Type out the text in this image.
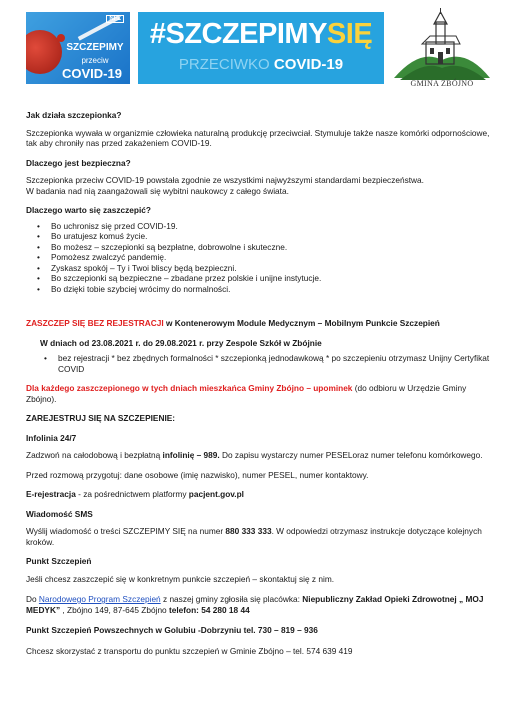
NFZ
SZCZEPIMY
przeciw
COVID-19
#SZCZEPIMYSIĘ
PRZECIWKO COVID-19
GMINA ZBÓJNO

Jak działa szczepionka?

Szczepionka wywała w organizmie człowieka naturalną produkcję przeciwciał. Stymuluje także nasze komórki odpornościowe, tak aby chroniły nas przed zakażeniem COVID-19.

Dlaczego jest bezpieczna?

Szczepionka przeciw COVID-19 powstała zgodnie ze wszystkimi najwyższymi standardami bezpieczeństwa.

W badania nad nią zaangażowali się wybitni naukowcy z całego świata.

Dlaczego warto się zaszczepić?

• Bo uchronisz się przed COVID-19.
• Bo uratujesz komuś życie.
• Bo możesz – szczepionki są bezpłatne, dobrowolne i skuteczne.
• Pomożesz zwalczyć pandemię.
• Zyskasz spokój – Ty i Twoi bliscy będą bezpieczni.
• Bo szczepionki są bezpieczne – zbadane przez polskie i unijne instytucje.
• Bo dzięki tobie szybciej wrócimy do normalności.

ZASZCZEP SIĘ BEZ REJESTRACJI w Kontenerowym Module Medycznym – Mobilnym Punkcie Szczepień

W dniach od 23.08.2021 r. do 29.08.2021 r. przy Zespole Szkół w Zbójnie

• bez rejestracji * bez zbędnych formalności * szczepionką jednodawkową * po szczepieniu otrzymasz Unijny Certyfikat COVID

Dla każdego zaszczepionego w tych dniach mieszkańca Gminy Zbójno – upominek (do odbioru w Urzędzie Gminy Zbójno).

ZAREJESTRUJ SIĘ NA SZCZEPIENIE:

Infolinia 24/7

Zadzwoń na całodobową i bezpłatną infolinię – 989. Do zapisu wystarczy numer PESELoraz numer telefonu komórkowego.

Przed rozmową przygotuj: dane osobowe (imię nazwisko), numer PESEL, numer kontaktowy.

E-rejestracja - za pośrednictwem platformy pacjent.gov.pl

Wiadomość SMS

Wyślij wiadomość o treści SZCZEPIMY SIĘ na numer 880 333 333. W odpowiedzi otrzymasz instrukcje dotyczące kolejnych kroków.

Punkt Szczepień

Jeśli chcesz zaszczepić się w konkretnym punkcie szczepień – skontaktuj się z nim.

Do Narodowego Program Szczepień z naszej gminy zgłosiła się placówka: Niepubliczny Zakład Opieki Zdrowotnej „ MOJ MEDYK” , Zbójno 149, 87-645 Zbójno telefon: 54 280 18 44

Punkt Szczepień Powszechnych w Golubiu -Dobrzyniu tel. 730 – 819 – 936

Chcesz skorzystać z transportu do punktu szczepień w Gminie Zbójno – tel. 574 639 419
